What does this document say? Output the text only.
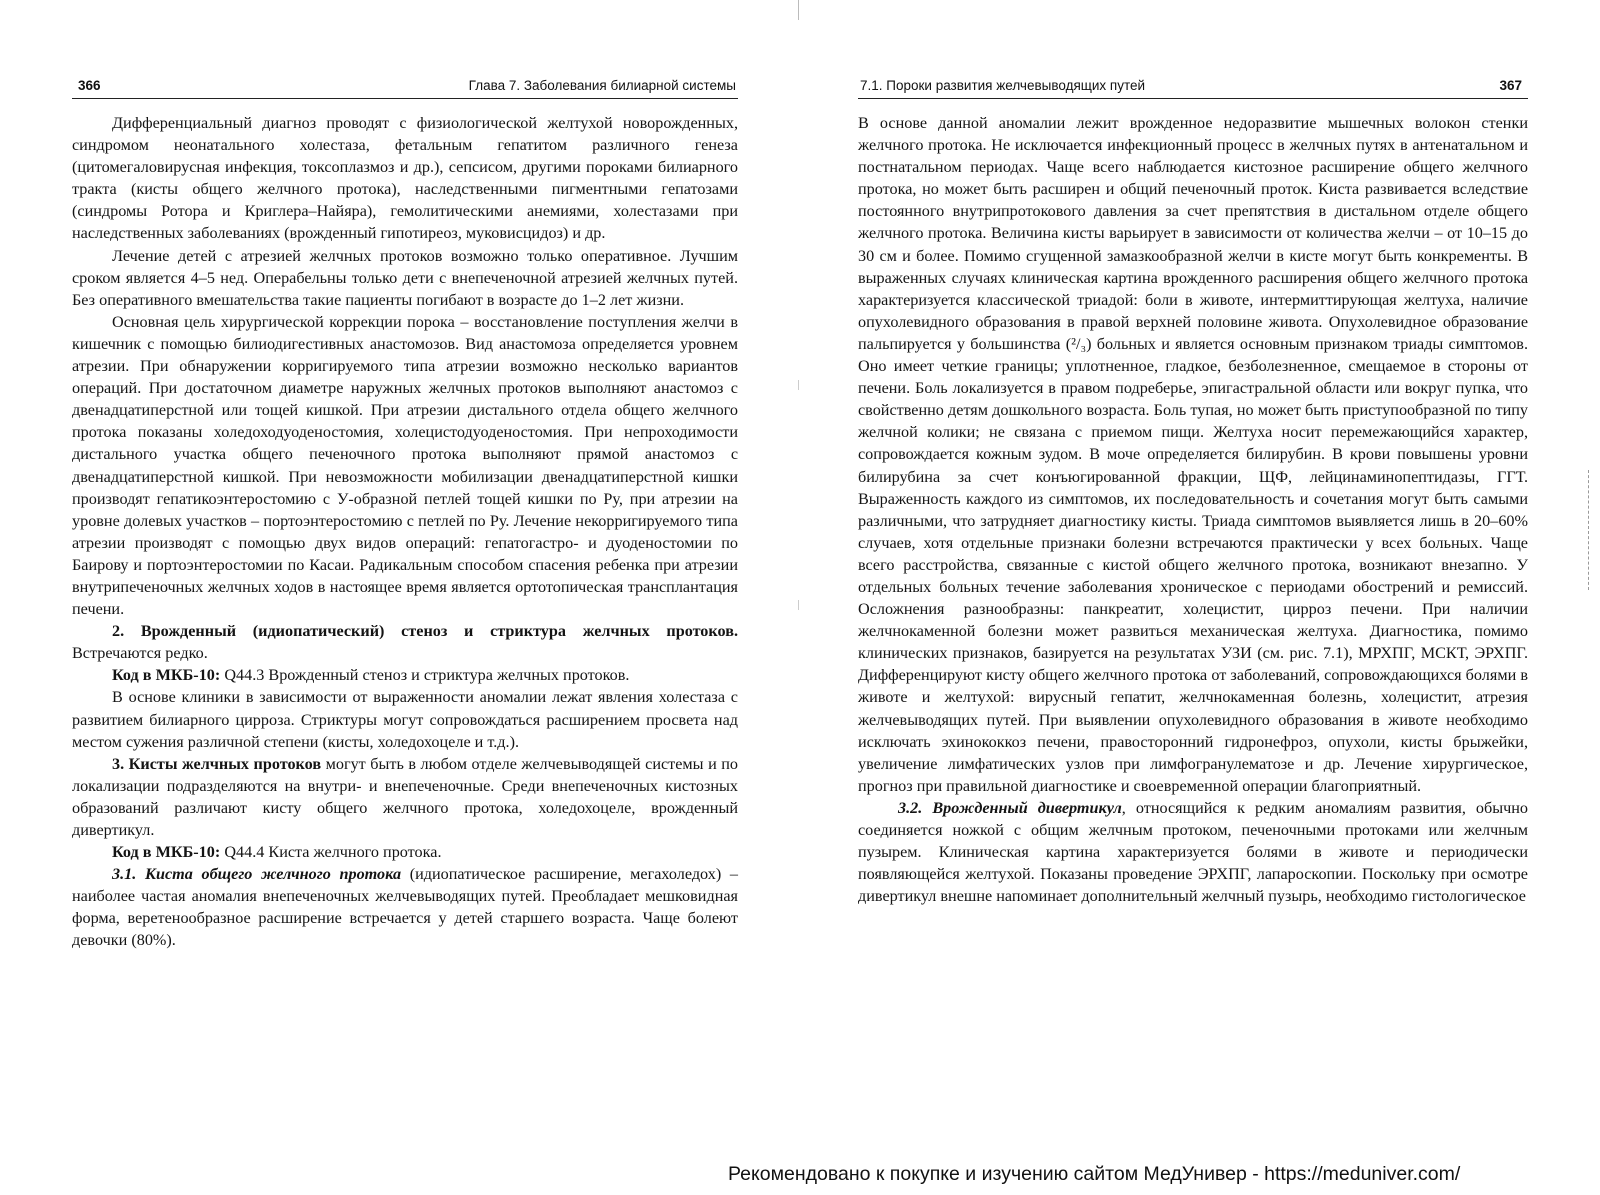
366	Глава 7. Заболевания билиарной системы

Дифференциальный диагноз проводят с физиологической желтухой новорожденных, синдромом неонатального холестаза, фетальным гепатитом различного генеза (цитомегаловирусная инфекция, токсоплазмоз и др.), сепсисом, другими пороками билиарного тракта (кисты общего желчного протока), наследственными пигментными гепатозами (синдромы Ротора и Криглера–Найяра), гемолитическими анемиями, холестазами при наследственных заболеваниях (врожденный гипотиреоз, муковисцидоз) и др.

Лечение детей с атрезией желчных протоков возможно только оперативное. Лучшим сроком является 4–5 нед. Операбельны только дети с внепеченочной атрезией желчных путей. Без оперативного вмешательства такие пациенты погибают в возрасте до 1–2 лет жизни.

Основная цель хирургической коррекции порока – восстановление поступления желчи в кишечник с помощью билиодигестивных анастомозов. Вид анастомоза определяется уровнем атрезии. При обнаружении корригируемого типа атрезии возможно несколько вариантов операций. При достаточном диаметре наружных желчных протоков выполняют анастомоз с двенадцатиперстной или тощей кишкой. При атрезии дистального отдела общего желчного протока показаны холедоходуоденостомия, холецистодуоденостомия. При непроходимости дистального участка общего печеночного протока выполняют прямой анастомоз с двенадцатиперстной кишкой. При невозможности мобилизации двенадцатиперстной кишки производят гепатикоэнтеростомию с У-образной петлей тощей кишки по Ру, при атрезии на уровне долевых участков – портоэнтеростомию с петлей по Ру. Лечение некорригируемого типа атрезии производят с помощью двух видов операций: гепатогастро- и дуоденостомии по Баирову и портоэнтеростомии по Касаи. Радикальным способом спасения ребенка при атрезии внутрипеченочных желчных ходов в настоящее время является ортотопическая трансплантация печени.

2. Врожденный (идиопатический) стеноз и стриктура желчных протоков. Встречаются редко.

Код в МКБ-10: Q44.3 Врожденный стеноз и стриктура желчных протоков.

В основе клиники в зависимости от выраженности аномалии лежат явления холестаза с развитием билиарного цирроза. Стриктуры могут сопровождаться расширением просвета над местом сужения различной степени (кисты, холедохоцеле и т.д.).

3. Кисты желчных протоков могут быть в любом отделе желчевыводящей системы и по локализации подразделяются на внутри- и внепеченочные. Среди внепеченочных кистозных образований различают кисту общего желчного протока, холедохоцеле, врожденный дивертикул.

Код в МКБ-10: Q44.4 Киста желчного протока.

3.1. Киста общего желчного протока (идиопатическое расширение, мегахоледох) – наиболее частая аномалия внепеченочных желчевыводящих путей. Преобладает мешковидная форма, веретенообразное расширение встречается у детей старшего возраста. Чаще болеют девочки (80%).

7.1. Пороки развития желчевыводящих путей	367

В основе данной аномалии лежит врожденное недоразвитие мышечных волокон стенки желчного протока. Не исключается инфекционный процесс в желчных путях в антенатальном и постнатальном периодах. Чаще всего наблюдается кистозное расширение общего желчного протока, но может быть расширен и общий печеночный проток. Киста развивается вследствие постоянного внутрипротокового давления за счет препятствия в дистальном отделе общего желчного протока. Величина кисты варьирует в зависимости от количества желчи – от 10–15 до 30 см и более. Помимо сгущенной замазкообразной желчи в кисте могут быть конкременты. В выраженных случаях клиническая картина врожденного расширения общего желчного протока характеризуется классической триадой: боли в животе, интермиттирующая желтуха, наличие опухолевидного образования в правой верхней половине живота. Опухолевидное образование пальпируется у большинства (²/₃) больных и является основным признаком триады симптомов. Оно имеет четкие границы; уплотненное, гладкое, безболезненное, смещаемое в стороны от печени. Боль локализуется в правом подреберье, эпигастральной области или вокруг пупка, что свойственно детям дошкольного возраста. Боль тупая, но может быть приступообразной по типу желчной колики; не связана с приемом пищи. Желтуха носит перемежающийся характер, сопровождается кожным зудом. В моче определяется билирубин. В крови повышены уровни билирубина за счет конъюгированной фракции, ЩФ, лейцинаминопептидазы, ГГТ. Выраженность каждого из симптомов, их последовательность и сочетания могут быть самыми различными, что затрудняет диагностику кисты. Триада симптомов выявляется лишь в 20–60% случаев, хотя отдельные признаки болезни встречаются практически у всех больных. Чаще всего расстройства, связанные с кистой общего желчного протока, возникают внезапно. У отдельных больных течение заболевания хроническое с периодами обострений и ремиссий. Осложнения разнообразны: панкреатит, холецистит, цирроз печени. При наличии желчнокаменной болезни может развиться механическая желтуха. Диагностика, помимо клинических признаков, базируется на результатах УЗИ (см. рис. 7.1), МРХПГ, МСКТ, ЭРХПГ. Дифференцируют кисту общего желчного протока от заболеваний, сопровождающихся болями в животе и желтухой: вирусный гепатит, желчнокаменная болезнь, холецистит, атрезия желчевыводящих путей. При выявлении опухолевидного образования в животе необходимо исключать эхинококкоз печени, правосторонний гидронефроз, опухоли, кисты брыжейки, увеличение лимфатических узлов при лимфогранулематозе и др. Лечение хирургическое, прогноз при правильной диагностике и своевременной операции благоприятный.

3.2. Врожденный дивертикул, относящийся к редким аномалиям развития, обычно соединяется ножкой с общим желчным протоком, печеночными протоками или желчным пузырем. Клиническая картина характеризуется болями в животе и периодически появляющейся желтухой. Показаны проведение ЭРХПГ, лапароскопии. Поскольку при осмотре дивертикул внешне напоминает дополнительный желчный пузырь, необходимо гистологическое

Рекомендовано к покупке и изучению сайтом МедУнивер - https://meduniver.com/
